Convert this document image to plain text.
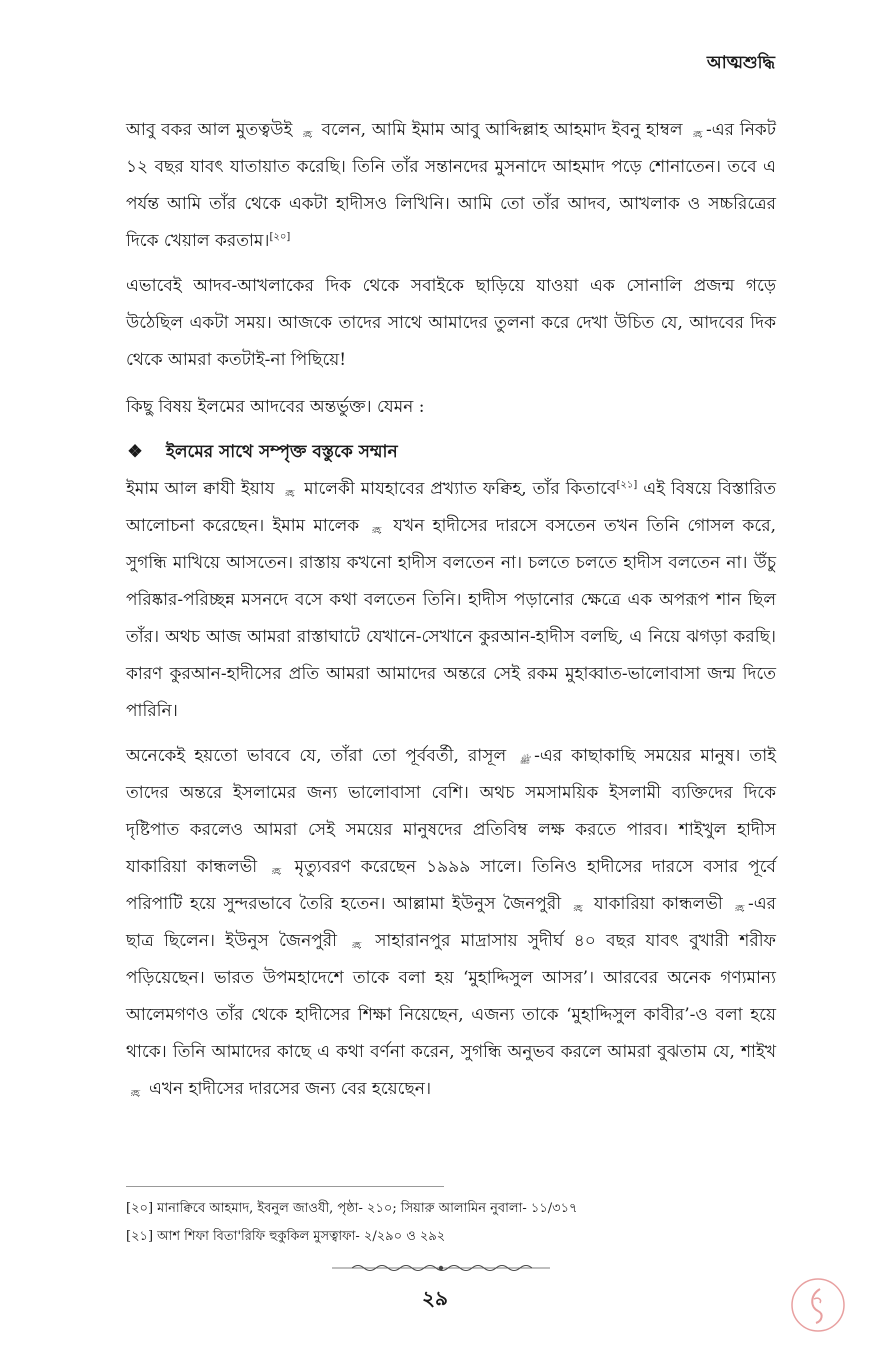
আত্মশুদ্ধি

আবু বকর আল মুতত্বউই রহ. বলেন, আমি ইমাম আবু আব্দিল্লাহ আহমাদ ইবনু হাম্বল রহ. -এর নিকট ১২ বছর যাবৎ যাতায়াত করেছি। তিনি তাঁর সন্তানদের মুসনাদে আহমাদ পড়ে শোনাতেন। তবে এ পর্যন্ত আমি তাঁর থেকে একটা হাদীসও লিখিনি। আমি তো তাঁর আদব, আখলাক ও সচ্চরিত্রের দিকে খেয়াল করতাম।[২০]

এভাবেই আদব-আখলাকের দিক থেকে সবাইকে ছাড়িয়ে যাওয়া এক সোনালি প্রজন্ম গড়ে উঠেছিল একটা সময়। আজকে তাদের সাথে আমাদের তুলনা করে দেখা উচিত যে, আদবের দিক থেকে আমরা কতটাই-না পিছিয়ে!

কিছু বিষয় ইলমের আদবের অন্তর্ভুক্ত। যেমন :

❖ ইলমের সাথে সম্পৃক্ত বস্তুকে সম্মান

ইমাম আল ক্বাযী ইয়ায রহ. মালেকী মাযহাবের প্রখ্যাত ফক্বিহ, তাঁর কিতাবে[২১] এই বিষয়ে বিস্তারিত আলোচনা করেছেন। ইমাম মালেক রহ. যখন হাদীসের দারসে বসতেন তখন তিনি গোসল করে, সুগন্ধি মাখিয়ে আসতেন। রাস্তায় কখনো হাদীস বলতেন না। চলতে চলতে হাদীস বলতেন না। উঁচু পরিষ্কার-পরিচ্ছন্ন মসনদে বসে কথা বলতেন তিনি। হাদীস পড়ানোর ক্ষেত্রে এক অপরূপ শান ছিল তাঁর। অথচ আজ আমরা রাস্তাঘাটে যেখানে-সেখানে কুরআন-হাদীস বলছি, এ নিয়ে ঝগড়া করছি। কারণ কুরআন-হাদীসের প্রতি আমরা আমাদের অন্তরে সেই রকম মুহাব্বাত-ভালোবাসা জন্ম দিতে পারিনি।

অনেকেই হয়তো ভাববে যে, তাঁরা তো পূর্ববর্তী, রাসূল ﷺ -এর কাছাকাছি সময়ের মানুষ। তাই তাদের অন্তরে ইসলামের জন্য ভালোবাসা বেশি। অথচ সমসাময়িক ইসলামী ব্যক্তিদের দিকে দৃষ্টিপাত করলেও আমরা সেই সময়ের মানুষদের প্রতিবিম্ব লক্ষ করতে পারব। শাইখুল হাদীস যাকারিয়া কান্ধলভী রহ. মৃত্যুবরণ করেছেন ১৯৯৯ সালে। তিনিও হাদীসের দারসে বসার পূর্বে পরিপাটি হয়ে সুন্দরভাবে তৈরি হতেন। আল্লামা ইউনুস জৈনপুরী রহ. যাকারিয়া কান্ধলভী রহ. -এর ছাত্র ছিলেন। ইউনুস জৈনপুরী রহ. সাহারানপুর মাদ্রাসায় সুদীর্ঘ ৪০ বছর যাবৎ বুখারী শরীফ পড়িয়েছেন। ভারত উপমহাদেশে তাকে বলা হয় ‘মুহাদ্দিসুল আসর’। আরবের অনেক গণ্যমান্য আলেমগণও তাঁর থেকে হাদীসের শিক্ষা নিয়েছেন, এজন্য তাকে ‘মুহাদ্দিসুল কাবীর’-ও বলা হয়ে থাকে। তিনি আমাদের কাছে এ কথা বর্ণনা করেন, সুগন্ধি অনুভব করলে আমরা বুঝতাম যে, শাইখ রহ. এখন হাদীসের দারসের জন্য বের হয়েছেন।

[২০] মানাক্বিবে আহমাদ, ইবনুল জাওযী, পৃষ্ঠা- ২১০; সিয়ারু আলামিন নুবালা- ১১/৩১৭
[২১] আশ শিফা বিতা'রিফি হুকুকিল মুসত্বাফা- ২/২৯০ ও ২৯২
২৯
